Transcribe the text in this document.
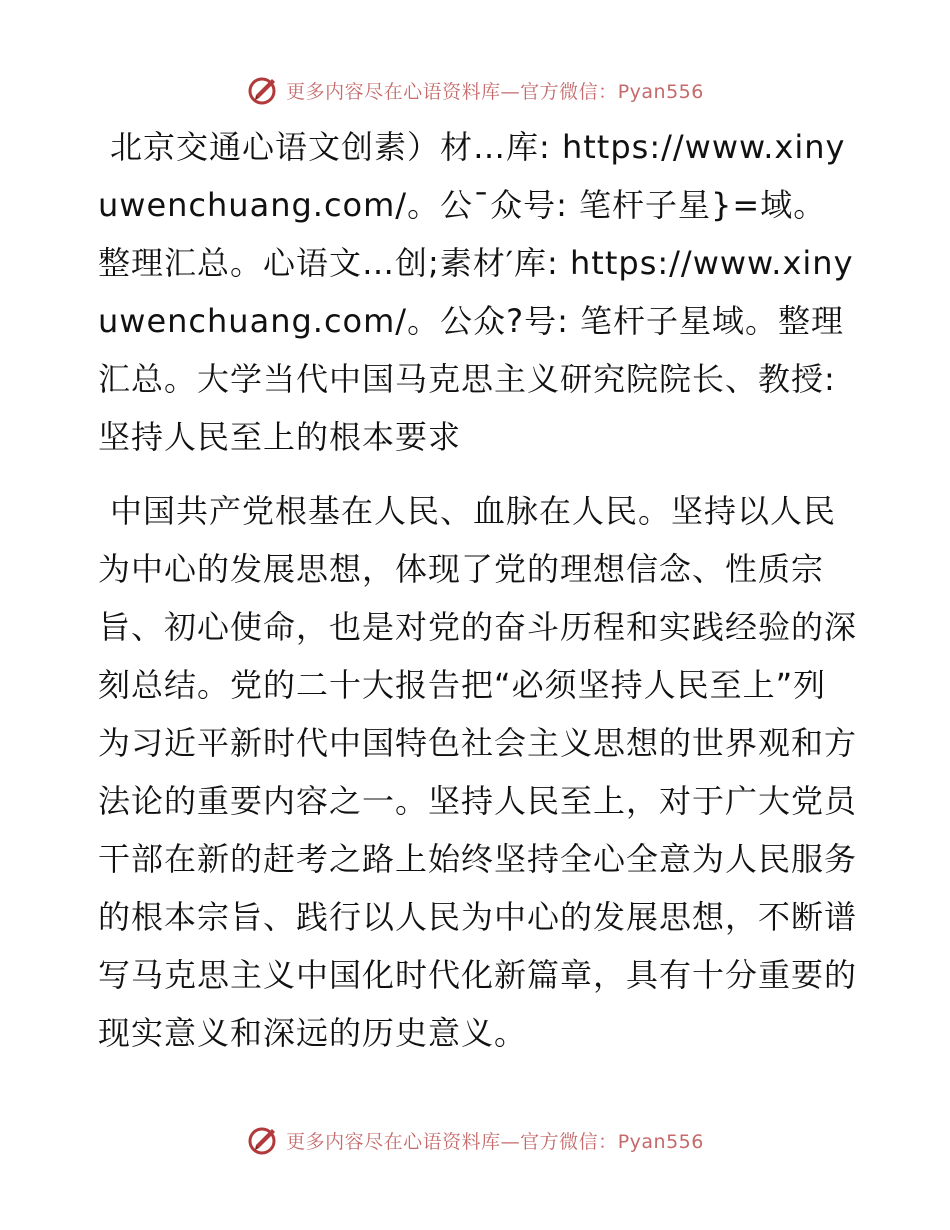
更多内容尽在心语资料库—官方微信：Pyan556

北京交通心语文创素）材…库: https://www.xinyuwenchuang.com/。公¯众号: 笔杆子星}=域。整理汇总。心语文…创;素材′库: https://www.xinyuwenchuang.com/。公众?号: 笔杆子星域。整理汇总。大学当代中国马克思主义研究院院长、教授: 坚持人民至上的根本要求

中国共产党根基在人民、血脉在人民。坚持以人民为中心的发展思想，体现了党的理想信念、性质宗旨、初心使命，也是对党的奋斗历程和实践经验的深刻总结。党的二十大报告把“必须坚持人民至上”列为习近平新时代中国特色社会主义思想的世界观和方法论的重要内容之一。坚持人民至上，对于广大党员干部在新的赶考之路上始终坚持全心全意为人民服务的根本宗旨、践行以人民为中心的发展思想，不断谱写马克思主义中国化时代化新篇章，具有十分重要的现实意义和深远的历史意义。

更多内容尽在心语资料库—官方微信：Pyan556
